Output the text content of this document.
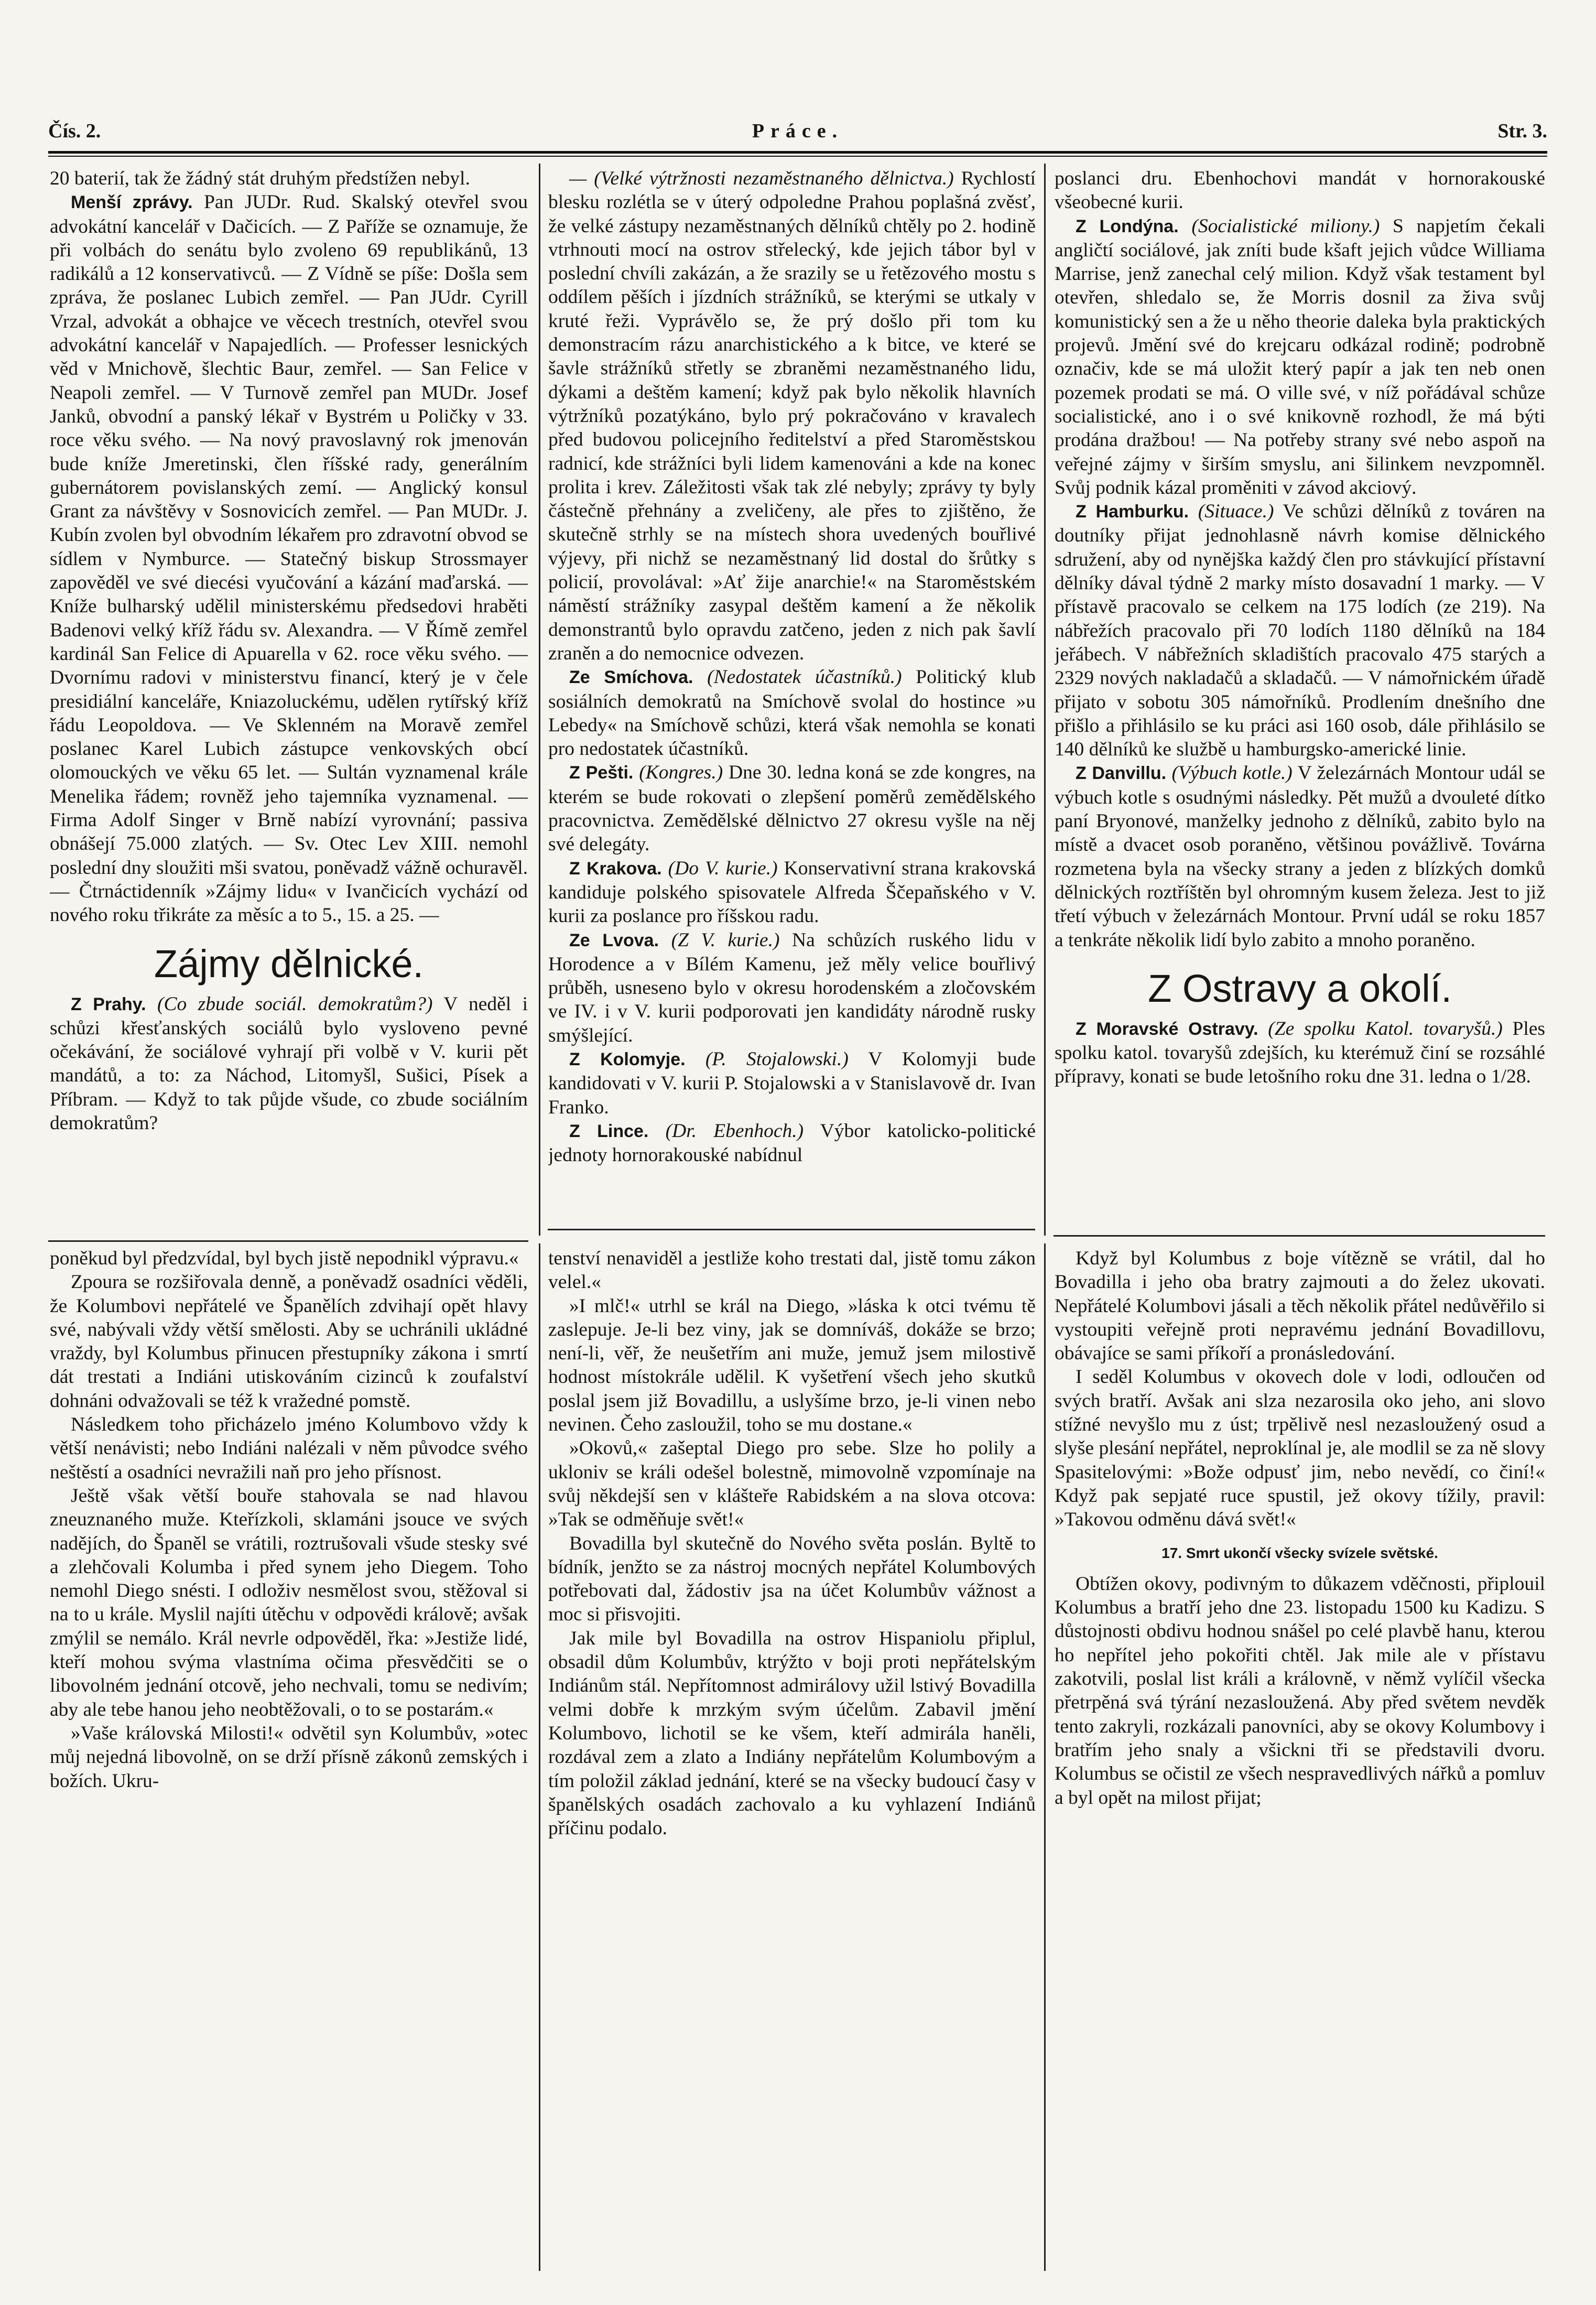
Práce.
Čís. 2.	Str. 3.

20 baterií, tak že žádný stát druhým předstížen nebyl.

Menší zprávy. Pan JUDr. Rud. Skalský otevřel svou advokátní kancelář v Dačicích. — Z Paříže se oznamuje, že při volbách do senátu bylo zvoleno 69 republikánů, 13 radikálů a 12 konservativců. — Z Vídně se píše: Došla sem zpráva, že poslanec Lubich zemřel. — Pan JUdr. Cyrill Vrzal, advokát a obhajce ve věcech trestních, otevřel svou advokátní kancelář v Napajedlích. — Professer lesnických věd v Mnichově, šlechtic Baur, zemřel. — San Felice v Neapoli zemřel. — V Turnově zemřel pan MUDr. Josef Janků, obvodní a panský lékař v Bystrém u Poličky v 33. roce věku svého. — Na nový pravoslavný rok jmenován bude kníže Jmeretinski, člen říšské rady, generálním gubernátorem povislanských zemí. — Anglický konsul Grant za návštěvy v Sosnovicích zemřel. — Pan MUDr. J. Kubín zvolen byl obvodním lékařem pro zdravotní obvod se sídlem v Nymburce. — Statečný biskup Strossmayer zapověděl ve své diecési vyučování a kázání maďarská. — Kníže bulharský udělil ministerskému předsedovi hraběti Badenovi velký kříž řádu sv. Alexandra. — V Římě zemřel kardinál San Felice di Apuarella v 62. roce věku svého. — Dvornímu radovi v ministerstvu financí, který je v čele presidiální kanceláře, Kniazoluckému, udělen rytířský kříž řádu Leopoldova. — Ve Sklenném na Moravě zemřel poslanec Karel Lubich zástupce venkovských obcí olomouckých ve věku 65 let. — Sultán vyznamenal krále Menelika řádem; rovněž jeho tajemníka vyznamenal. — Firma Adolf Singer v Brně nabízí vyrovnání; passiva obnášejí 75.000 zlatých. — Sv. Otec Lev XIII. nemohl poslední dny sloužiti mši svatou, poněvadž vážně ochuravěl. — Čtrnáctidenník »Zájmy lidu« v Ivančicích vychází od nového roku třikráte za měsíc a to 5., 15. a 25. —

Zájmy dělnické.

Z Prahy. (Co zbude sociál. demokratům?) V neděl i schůzi křesťanských sociálů bylo vysloveno pevné očekávání, že sociálové vyhrají při volbě v V. kurii pět mandátů, a to: za Náchod, Litomyšl, Sušici, Písek a Příbram. — Když to tak půjde všude, co zbude sociálním demokratům?

— (Velké výtržnosti nezaměstnaného dělnictva.) Rychlostí blesku rozlétla se v úterý odpoledne Prahou poplašná zvěsť, že velké zástupy nezaměstnaných dělníků chtěly po 2. hodině vtrhnouti mocí na ostrov střelecký, kde jejich tábor byl v poslední chvíli zakázán, a že srazily se u řetězového mostu s oddílem pěších i jízdních strážníků, se kterými se utkaly v kruté řeži. Vyprávělo se, že prý došlo při tom ku demonstracím rázu anarchistického a k bitce, ve které se šavle strážníků střetly se zbraněmi nezaměstnaného lidu, dýkami a deštěm kamení; když pak bylo několik hlavních výtržníků pozatýkáno, bylo prý pokračováno v kravalech před budovou policejního ředitelství a před Staroměstskou radnicí, kde strážníci byli lidem kamenováni a kde na konec prolita i krev. Záležitosti však tak zlé nebyly; zprávy ty byly částečně přehnány a zveličeny, ale přes to zjištěno, že skutečně strhly se na místech shora uvedených bouřlivé výjevy, při nichž se nezaměstnaný lid dostal do šrůtky s policií, provolával: »Ať žije anarchie!« na Staroměstském náměstí strážníky zasypal deštěm kamení a že několik demonstrantů bylo opravdu zatčeno, jeden z nich pak šavlí zraněn a do nemocnice odvezen.

Ze Smíchova. (Nedostatek účastníků.) Politický klub sosiálních demokratů na Smíchově svolal do hostince »u Lebedy« na Smíchově schůzi, která však nemohla se konati pro nedostatek účastníků.

Z Pešti. (Kongres.) Dne 30. ledna koná se zde kongres, na kterém se bude rokovati o zlepšení poměrů zemědělského pracovnictva. Zemědělské dělnictvo 27 okresu vyšle na něj své delegáty.

Z Krakova. (Do V. kurie.) Konservativní strana krakovská kandiduje polského spisovatele Alfreda Ščepaňského v V. kurii za poslance pro říšskou radu.

Ze Lvova. (Z V. kurie.) Na schůzích ruského lidu v Horodence a v Bílém Kamenu, jež měly velice bouřlivý průběh, usneseno bylo v okresu horodenském a zločovském ve IV. i v V. kurii podporovati jen kandidáty národně rusky smýšlející.

Z Kolomyje. (P. Stojalowski.) V Kolomyji bude kandidovati v V. kurii P. Stojalowski a v Stanislavově dr. Ivan Franko.

Z Lince. (Dr. Ebenhoch.) Výbor katolicko-politické jednoty hornorakouské nabídnul

poslanci dru. Ebenhochovi mandát v hornorakouské všeobecné kurii.

Z Londýna. (Socialistické miliony.) S napjetím čekali angličtí sociálové, jak zníti bude kšaft jejich vůdce Williama Marrise, jenž zanechal celý milion. Když však testament byl otevřen, shledalo se, že Morris dosnil za živa svůj komunistický sen a že u něho theorie daleka byla praktických projevů. Jmění své do krejcaru odkázal rodině; podrobně označiv, kde se má uložit který papír a jak ten neb onen pozemek prodati se má. O ville své, v níž pořádával schůze socialistické, ano i o své knikovně rozhodl, že má býti prodána dražbou! — Na potřeby strany své nebo aspoň na veřejné zájmy v širším smyslu, ani šilinkem nevzpomněl. Svůj podnik kázal proměniti v závod akciový.

Z Hamburku. (Situace.) Ve schůzi dělníků z továren na doutníky přijat jednohlasně návrh komise dělnického sdružení, aby od nynějška každý člen pro stávkující přístavní dělníky dával týdně 2 marky místo dosavadní 1 marky. — V přístavě pracovalo se celkem na 175 lodích (ze 219). Na nábřežích pracovalo při 70 lodích 1180 dělníků na 184 jeřábech. V nábřežních skladištích pracovalo 475 starých a 2329 nových nakladačů a skladačů. — V námořnickém úřadě přijato v sobotu 305 námořníků. Prodlením dnešního dne přišlo a přihlásilo se ku práci asi 160 osob, dále přihlásilo se 140 dělníků ke službě u hamburgsko-americké linie.

Z Danvillu. (Výbuch kotle.) V železárnách Montour udál se výbuch kotle s osudnými následky. Pět mužů a dvouleté dítko paní Bryonové, manželky jednoho z dělníků, zabito bylo na místě a dvacet osob poraněno, většinou povážlivě. Továrna rozmetena byla na všecky strany a jeden z blízkých domků dělnických roztříštěn byl ohromným kusem železa. Jest to již třetí výbuch v železárnách Montour. První udál se roku 1857 a tenkráte několik lidí bylo zabito a mnoho poraněno.

Z Ostravy a okolí.

Z Moravské Ostravy. (Ze spolku Katol. tovaryšů.) Ples spolku katol. tovaryšů zdejších, ku kterémuž činí se rozsáhlé přípravy, konati se bude letošního roku dne 31. ledna o 1/28.

poněkud byl předzvídal, byl bych jistě nepodnikl výpravu.«

Zpoura se rozšiřovala denně, a poněvadž osadníci věděli, že Kolumbovi nepřátelé ve Španělích zdvihají opět hlavy své, nabývali vždy větší smělosti. Aby se uchránili ukládné vraždy, byl Kolumbus přinucen přestupníky zákona i smrtí dát trestati a Indiáni utiskováním cizinců k zoufalství dohnáni odvažovali se též k vražedné pomstě.

Následkem toho přicházelo jméno Kolumbovo vždy k větší nenávisti; nebo Indiáni nalézali v něm původce svého neštěstí a osadníci nevražili naň pro jeho přísnost.

Ještě však větší bouře stahovala se nad hlavou zneuznaného muže. Kteřízkoli, sklamáni jsouce ve svých nadějích, do Španěl se vrátili, roztrušovali všude stesky své a zlehčovali Kolumba i před synem jeho Diegem. Toho nemohl Diego snésti. I odloživ nesmělost svou, stěžoval si na to u krále. Myslil najíti útěchu v odpovědi králově; avšak zmýlil se nemálo. Král nevrle odpověděl, řka: »Jestiže lidé, kteří mohou svýma vlastníma očima přesvědčiti se o libovolném jednání otcově, jeho nechvali, tomu se nedivím; aby ale tebe hanou jeho neobtěžovali, o to se postarám.«

»Vaše královská Milosti!« odvětil syn Kolumbův, »otec můj nejedná libovolně, on se drží přísně zákonů zemských i božích. Ukru-

tenství nenaviděl a jestliže koho trestati dal, jistě tomu zákon velel.«

»I mlč!« utrhl se král na Diego, »láska k otci tvému tě zaslepuje. Je-li bez viny, jak se domníváš, dokáže se brzo; není-li, věř, že neušetřím ani muže, jemuž jsem milostivě hodnost místokrále udělil. K vyšetření všech jeho skutků poslal jsem již Bovadillu, a uslyšíme brzo, je-li vinen nebo nevinen. Čeho zasloužil, toho se mu dostane.«

»Okovů,« zašeptal Diego pro sebe. Slze ho polily a ukloniv se králi odešel bolestně, mimovolně vzpomínaje na svůj někdejší sen v klášteře Rabidském a na slova otcova: »Tak se odměňuje svět!«

Bovadilla byl skutečně do Nového světa poslán. Byltě to bídník, jenžto se za nástroj mocných nepřátel Kolumbových potřebovati dal, žádostiv jsa na účet Kolumbův vážnost a moc si přisvojiti.

Jak mile byl Bovadilla na ostrov Hispaniolu připlul, obsadil dům Kolumbův, ktrýžto v boji proti nepřátelským Indiánům stál. Nepřítomnost admirálovy užil lstivý Bovadilla velmi dobře k mrzkým svým účelům. Zabavil jmění Kolumbovo, lichotil se ke všem, kteří admirála haněli, rozdával zem a zlato a Indiány nepřátelům Kolumbovým a tím položil základ jednání, které se na všecky budoucí časy v španělských osadách zachovalo a ku vyhlazení Indiánů příčinu podalo.

Když byl Kolumbus z boje vítězně se vrátil, dal ho Bovadilla i jeho oba bratry zajmouti a do želez ukovati. Nepřátelé Kolumbovi jásali a těch několik přátel nedůvěřilo si vystoupiti veřejně proti nepravému jednání Bovadillovu, obávajíce se sami příkoří a pronásledování.

I seděl Kolumbus v okovech dole v lodi, odloučen od svých bratří. Avšak ani slza nezarosila oko jeho, ani slovo stížné nevyšlo mu z úst; trpělivě nesl nezasloužený osud a slyše plesání nepřátel, neproklínal je, ale modlil se za ně slovy Spasitelovými: »Bože odpusť jim, nebo nevědí, co činí!« Když pak sepjaté ruce spustil, jež okovy tížily, pravil: »Takovou odměnu dává svět!«

17. Smrt ukončí všecky svízele světské.

Obtížen okovy, podivným to důkazem vděčnosti, připlouil Kolumbus a bratří jeho dne 23. listopadu 1500 ku Kadizu. S důstojnosti obdivu hodnou snášel po celé plavbě hanu, kterou ho nepřítel jeho pokořiti chtěl. Jak mile ale v přístavu zakotvili, poslal list králi a královně, v němž vylíčil všecka přetrpěná svá týrání nezasloužená. Aby před světem nevděk tento zakryli, rozkázali panovníci, aby se okovy Kolumbovy i bratřím jeho snaly a všickni tři se představili dvoru. Kolumbus se očistil ze všech nespravedlivých nářků a pomluv a byl opět na milost přijat;
